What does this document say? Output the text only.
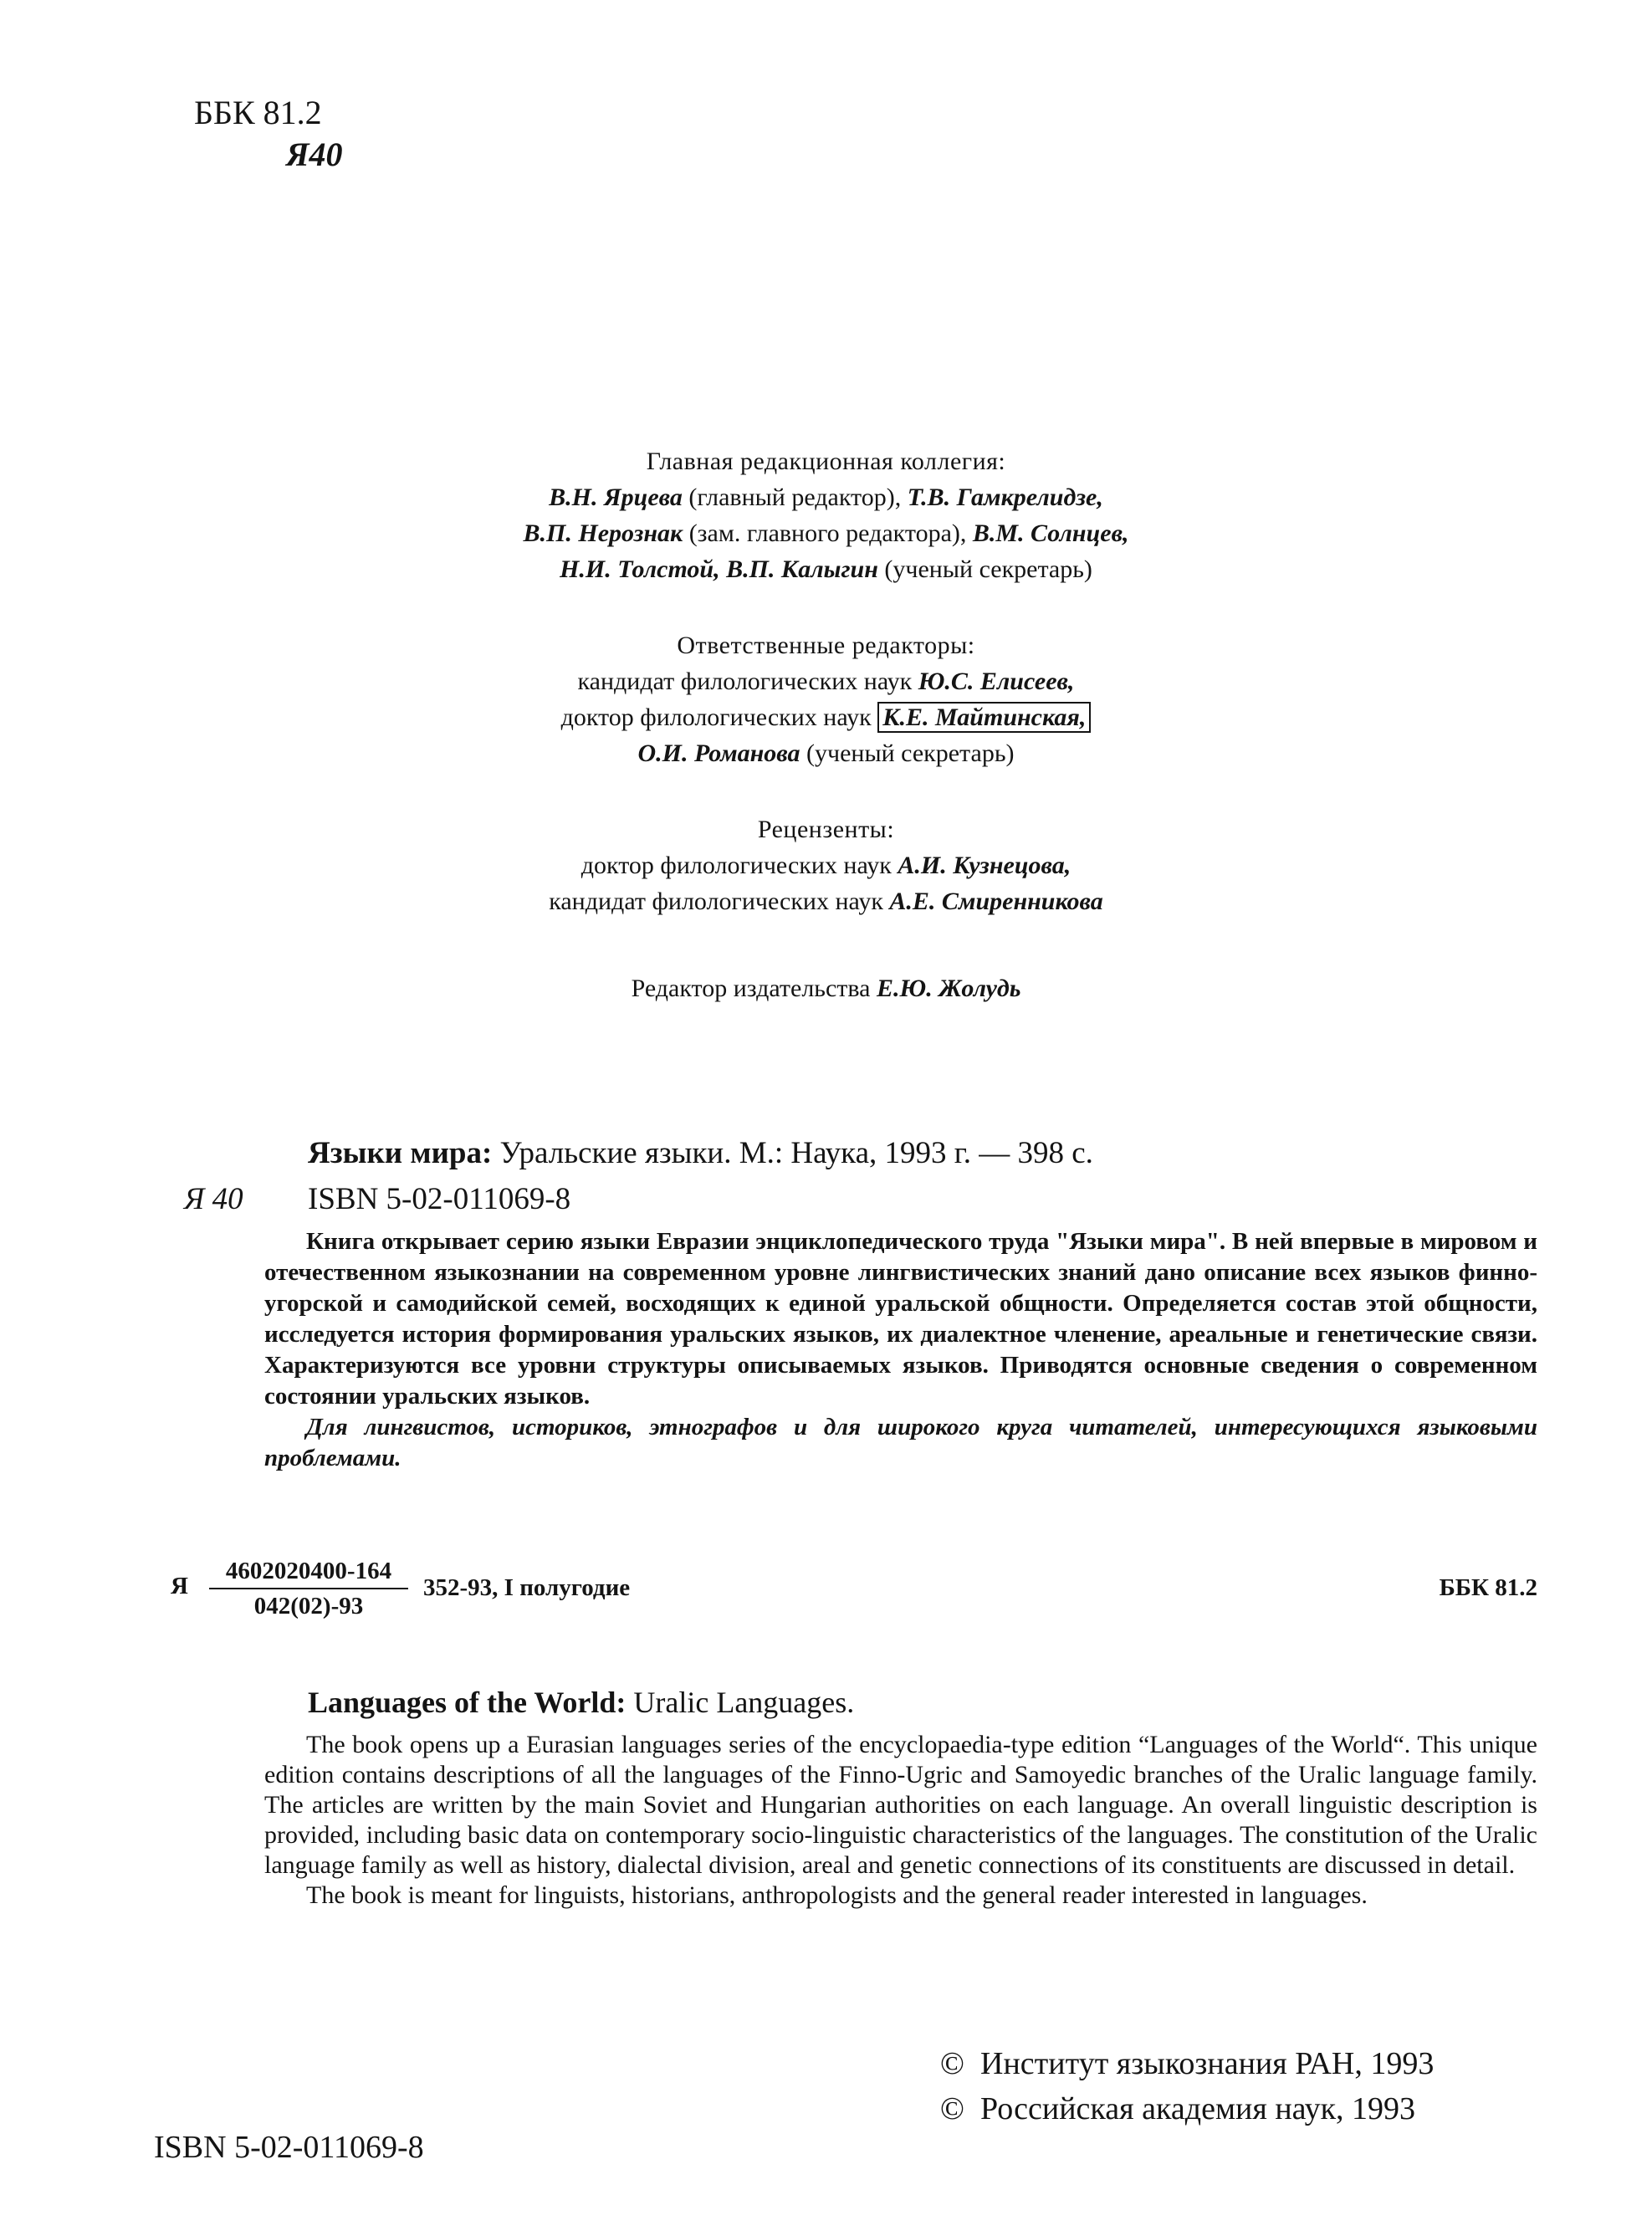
ББК 81.2
Я40
Главная редакционная коллегия:
В.Н. Ярцева (главный редактор), Т.В. Гамкрелидзе,
В.П. Нерознак (зам. главного редактора), В.М. Солнцев,
Н.И. Толстой, В.П. Калыгин (ученый секретарь)
Ответственные редакторы:
кандидат филологических наук Ю.С. Елисеев,
доктор филологических наук К.Е. Майтинская,
О.И. Романова (ученый секретарь)
Рецензенты:
доктор филологических наук А.И. Кузнецова,
кандидат филологических наук А.Е. Смиренникова
Редактор издательства Е.Ю. Жолудь
Языки мира: Уральские языки. М.: Наука, 1993 г. — 398 с.
Я 40 ISBN 5-02-011069-8

Книга открывает серию языки Евразии энциклопедического труда "Языки мира". В ней впервые в мировом и отечественном языкознании на современном уровне лингвистических знаний дано описание всех языков финно-угорской и самодийской семей, восходящих к единой уральской общности. Определяется состав этой общности, исследуется история формирования уральских языков, их диалектное членение, ареальные и генетические связи. Характеризуются все уровни структуры описываемых языков. Приводятся основные сведения о современном состоянии уральских языков.

Для лингвистов, историков, этнографов и для широкого круга читателей, интересующихся языковыми проблемами.

Я $\frac{4602020400-164}{042(02)-93} 352-93$, I полугодие	ББК 81.2
Languages of the World: Uralic Languages.

The book opens up a Eurasian languages series of the encyclopaedia-type edition “Languages of the World“. This unique edition contains descriptions of all the languages of the Finno-Ugric and Samoyedic branches of the Uralic language family. The articles are written by the main Soviet and Hungarian authorities on each language. An overall linguistic description is provided, including basic data on contemporary socio-linguistic characteristics of the languages. The constitution of the Uralic language family as well as history, dialectal division, areal and genetic connections of its constituents are discussed in detail.

The book is meant for linguists, historians, anthropologists and the general reader interested in languages.

ISBN 5-02-011069-8
© Институт языкознания РАН, 1993
© Российская академия наук, 1993
